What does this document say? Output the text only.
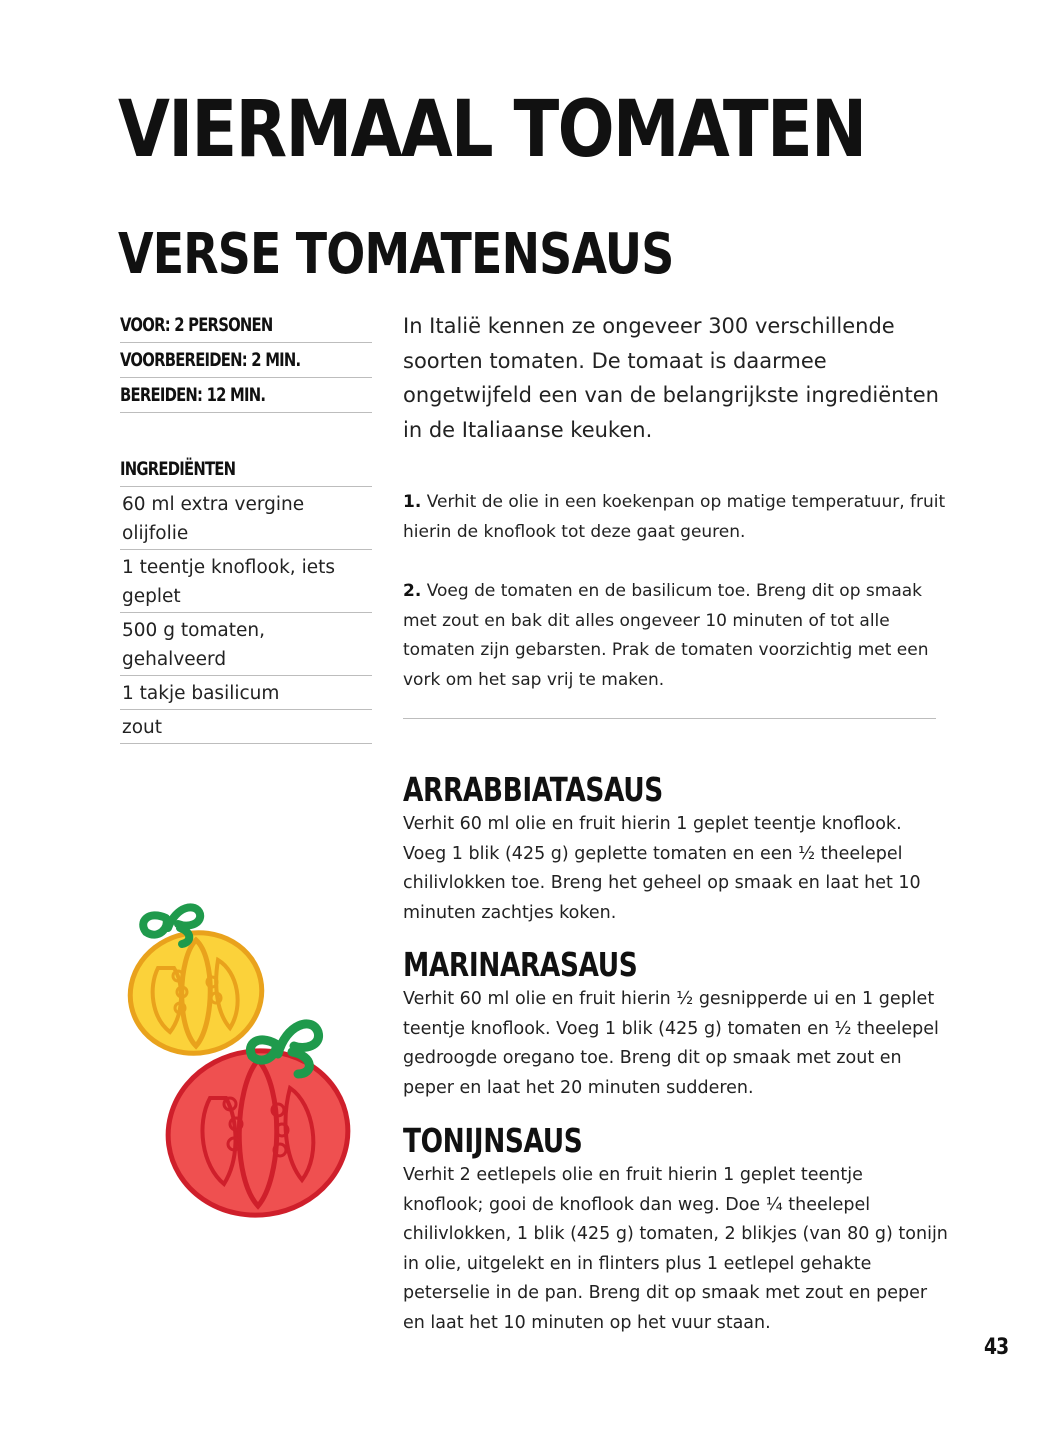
VIERMAAL TOMATEN
VERSE TOMATENSAUS
VOOR: 2 PERSONEN
VOORBEREIDEN: 2 MIN.
BEREIDEN: 12 MIN.
INGREDIËNTEN
60 ml extra vergine olijfolie
1 teentje knoflook, iets geplet
500 g tomaten, gehalveerd
1 takje basilicum
zout

In Italië kennen ze ongeveer 300 verschillende soorten tomaten. De tomaat is daarmee ongetwijfeld een van de belangrijkste ingrediënten in de Italiaanse keuken.

1. Verhit de olie in een koekenpan op matige temperatuur, fruit hierin de knoflook tot deze gaat geuren.

2. Voeg de tomaten en de basilicum toe. Breng dit op smaak met zout en bak dit alles ongeveer 10 minuten of tot alle tomaten zijn gebarsten. Prak de tomaten voorzichtig met een vork om het sap vrij te maken.

ARRABBIATASAUS

Verhit 60 ml olie en fruit hierin 1 geplet teentje knoflook. Voeg 1 blik (425 g) geplette tomaten en een ½ theelepel chilivlokken toe. Breng het geheel op smaak en laat het 10 minuten zachtjes koken.

MARINARASAUS

Verhit 60 ml olie en fruit hierin ½ gesnipperde ui en 1 geplet teentje knoflook. Voeg 1 blik (425 g) tomaten en ½ theelepel gedroogde oregano toe. Breng dit op smaak met zout en peper en laat het 20 minuten sudderen.

TONIJNSAUS

Verhit 2 eetlepels olie en fruit hierin 1 geplet teentje knoflook; gooi de knoflook dan weg. Doe ¼ theelepel chilivlokken, 1 blik (425 g) tomaten, 2 blikjes (van 80 g) tonijn in olie, uitgelekt en in flinters plus 1 eetlepel gehakte peterselie in de pan. Breng dit op smaak met zout en peper en laat het 10 minuten op het vuur staan.

43
